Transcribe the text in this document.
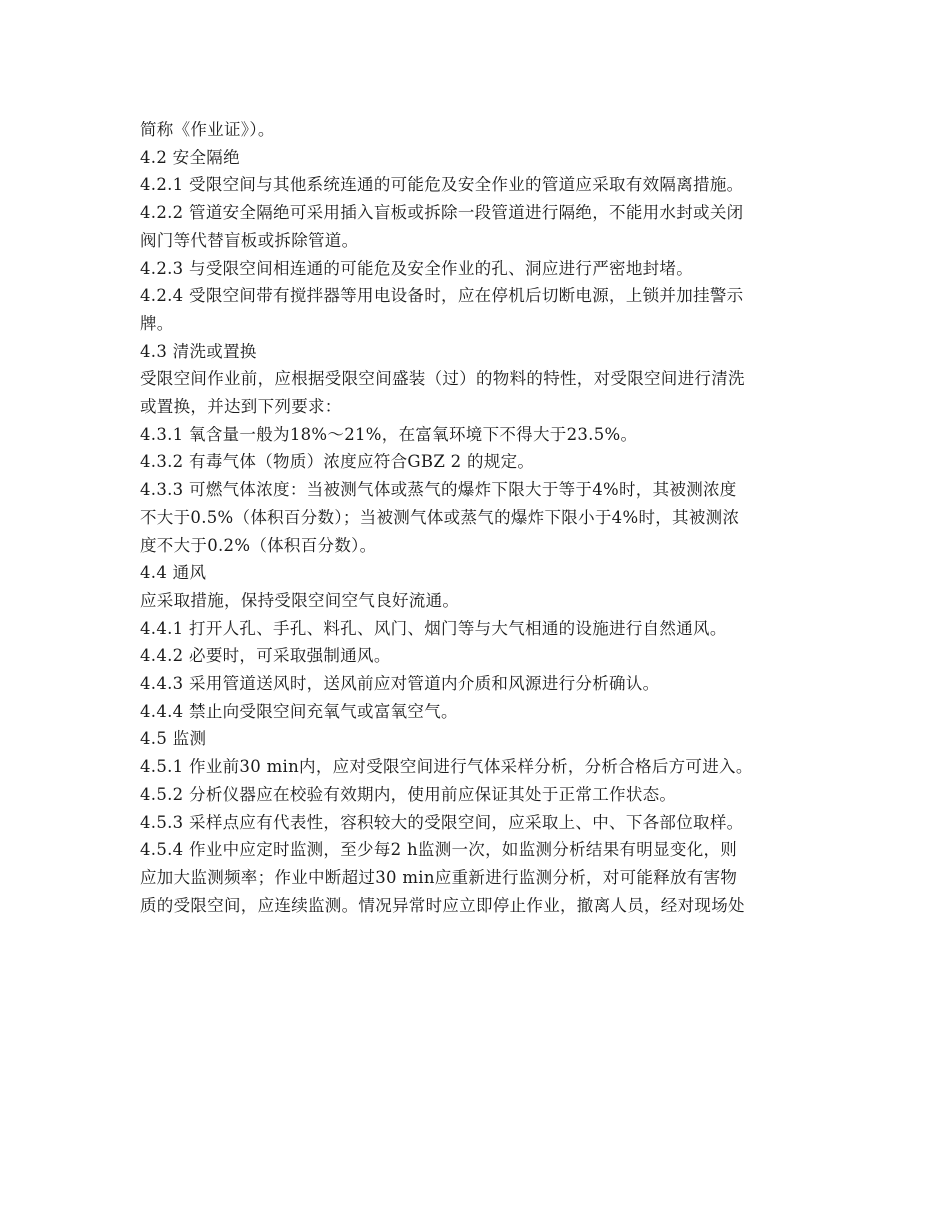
简称《作业证》）。

4.2 安全隔绝

4.2.1 受限空间与其他系统连通的可能危及安全作业的管道应采取有效隔离措施。

4.2.2 管道安全隔绝可采用插入盲板或拆除一段管道进行隔绝，不能用水封或关闭

阀门等代替盲板或拆除管道。

4.2.3 与受限空间相连通的可能危及安全作业的孔、洞应进行严密地封堵。

4.2.4 受限空间带有搅拌器等用电设备时，应在停机后切断电源，上锁并加挂警示

牌。

4.3 清洗或置换

受限空间作业前，应根据受限空间盛装（过）的物料的特性，对受限空间进行清洗

或置换，并达到下列要求：

4.3.1 氧含量一般为18%～21%，在富氧环境下不得大于23.5%。

4.3.2 有毒气体（物质）浓度应符合GBZ 2 的规定。

4.3.3 可燃气体浓度：当被测气体或蒸气的爆炸下限大于等于4%时，其被测浓度

不大于0.5%（体积百分数）；当被测气体或蒸气的爆炸下限小于4%时，其被测浓

度不大于0.2%（体积百分数）。

4.4 通风

应采取措施，保持受限空间空气良好流通。

4.4.1 打开人孔、手孔、料孔、风门、烟门等与大气相通的设施进行自然通风。

4.4.2 必要时，可采取强制通风。

4.4.3 采用管道送风时，送风前应对管道内介质和风源进行分析确认。

4.4.4 禁止向受限空间充氧气或富氧空气。

4.5 监测

4.5.1 作业前30 min内，应对受限空间进行气体采样分析，分析合格后方可进入。

4.5.2 分析仪器应在校验有效期内，使用前应保证其处于正常工作状态。

4.5.3 采样点应有代表性，容积较大的受限空间，应采取上、中、下各部位取样。

4.5.4 作业中应定时监测，至少每2 h监测一次，如监测分析结果有明显变化，则

应加大监测频率；作业中断超过30 min应重新进行监测分析，对可能释放有害物

质的受限空间，应连续监测。情况异常时应立即停止作业，撤离人员，经对现场处
